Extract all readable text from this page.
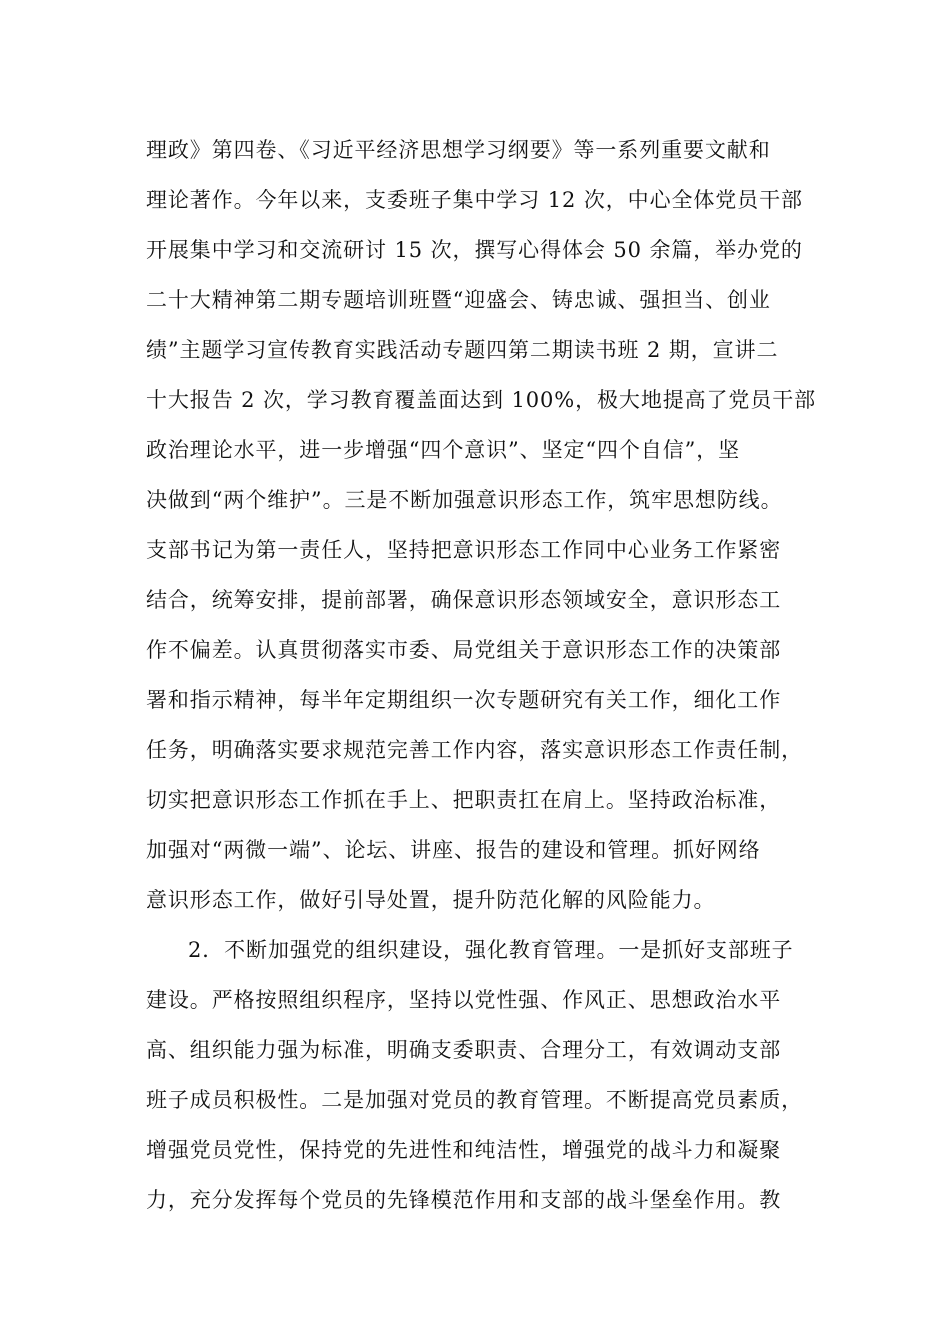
理政》第四卷、《习近平经济思想学习纲要》等一系列重要文献和
理论著作。今年以来，支委班子集中学习 12 次，中心全体党员干部
开展集中学习和交流研讨 15 次，撰写心得体会 50 余篇，举办党的
二十大精神第二期专题培训班暨“迎盛会、铸忠诚、强担当、创业
绩”主题学习宣传教育实践活动专题四第二期读书班 2 期，宣讲二
十大报告 2 次，学习教育覆盖面达到 100%，极大地提高了党员干部
政治理论水平，进一步增强“四个意识”、坚定“四个自信”，坚
决做到“两个维护”。三是不断加强意识形态工作，筑牢思想防线。
支部书记为第一责任人，坚持把意识形态工作同中心业务工作紧密
结合，统筹安排，提前部署，确保意识形态领域安全，意识形态工
作不偏差。认真贯彻落实市委、局党组关于意识形态工作的决策部
署和指示精神，每半年定期组织一次专题研究有关工作，细化工作
任务，明确落实要求规范完善工作内容，落实意识形态工作责任制，
切实把意识形态工作抓在手上、把职责扛在肩上。坚持政治标准，
加强对“两微一端”、论坛、讲座、报告的建设和管理。抓好网络
意识形态工作，做好引导处置，提升防范化解的风险能力。
2．不断加强党的组织建设，强化教育管理。一是抓好支部班子
建设。严格按照组织程序，坚持以党性强、作风正、思想政治水平
高、组织能力强为标准，明确支委职责、合理分工，有效调动支部
班子成员积极性。二是加强对党员的教育管理。不断提高党员素质，
增强党员党性，保持党的先进性和纯洁性，增强党的战斗力和凝聚
力，充分发挥每个党员的先锋模范作用和支部的战斗堡垒作用。教
